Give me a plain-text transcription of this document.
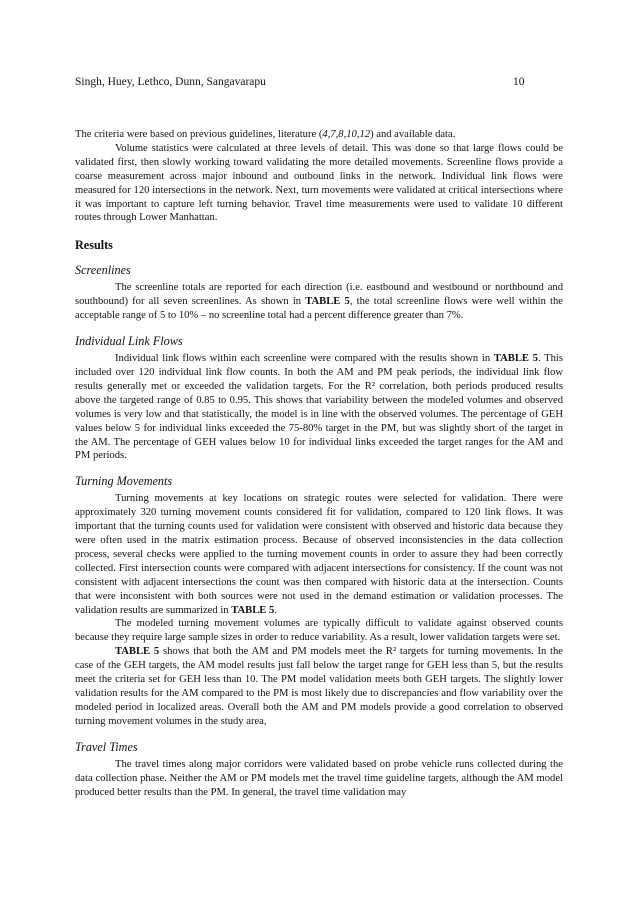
Singh, Huey, Lethco, Dunn, Sangavarapu	10

The criteria were based on previous guidelines, literature (4,7,8,10,12) and available data.

Volume statistics were calculated at three levels of detail. This was done so that large flows could be validated first, then slowly working toward validating the more detailed movements. Screenline flows provide a coarse measurement across major inbound and outbound links in the network. Individual link flows were measured for 120 intersections in the network. Next, turn movements were validated at critical intersections where it was important to capture left turning behavior. Travel time measurements were used to validate 10 different routes through Lower Manhattan.

Results
Screenlines

The screenline totals are reported for each direction (i.e. eastbound and westbound or northbound and southbound) for all seven screenlines. As shown in TABLE 5, the total screenline flows were well within the acceptable range of 5 to 10% – no screenline total had a percent difference greater than 7%.

Individual Link Flows

Individual link flows within each screenline were compared with the results shown in TABLE 5. This included over 120 individual link flow counts. In both the AM and PM peak periods, the individual link flow results generally met or exceeded the validation targets. For the R² correlation, both periods produced results above the targeted range of 0.85 to 0.95. This shows that variability between the modeled volumes and observed volumes is very low and that statistically, the model is in line with the observed volumes. The percentage of GEH values below 5 for individual links exceeded the 75-80% target in the PM, but was slightly short of the target in the AM. The percentage of GEH values below 10 for individual links exceeded the target ranges for the AM and PM periods.

Turning Movements

Turning movements at key locations on strategic routes were selected for validation. There were approximately 320 turning movement counts considered fit for validation, compared to 120 link flows. It was important that the turning counts used for validation were consistent with observed and historic data because they were often used in the matrix estimation process. Because of observed inconsistencies in the data collection process, several checks were applied to the turning movement counts in order to assure they had been correctly collected. First intersection counts were compared with adjacent intersections for consistency. If the count was not consistent with adjacent intersections the count was then compared with historic data at the intersection. Counts that were inconsistent with both sources were not used in the demand estimation or validation processes. The validation results are summarized in TABLE 5.

The modeled turning movement volumes are typically difficult to validate against observed counts because they require large sample sizes in order to reduce variability. As a result, lower validation targets were set.

TABLE 5 shows that both the AM and PM models meet the R² targets for turning movements. In the case of the GEH targets, the AM model results just fall below the target range for GEH less than 5, but the results meet the criteria set for GEH less than 10. The PM model validation meets both GEH targets. The slightly lower validation results for the AM compared to the PM is most likely due to discrepancies and flow variability over the modeled period in localized areas. Overall both the AM and PM models provide a good correlation to observed turning movement volumes in the study area,

Travel Times

The travel times along major corridors were validated based on probe vehicle runs collected during the data collection phase. Neither the AM or PM models met the travel time guideline targets, although the AM model produced better results than the PM. In general, the travel time validation may
